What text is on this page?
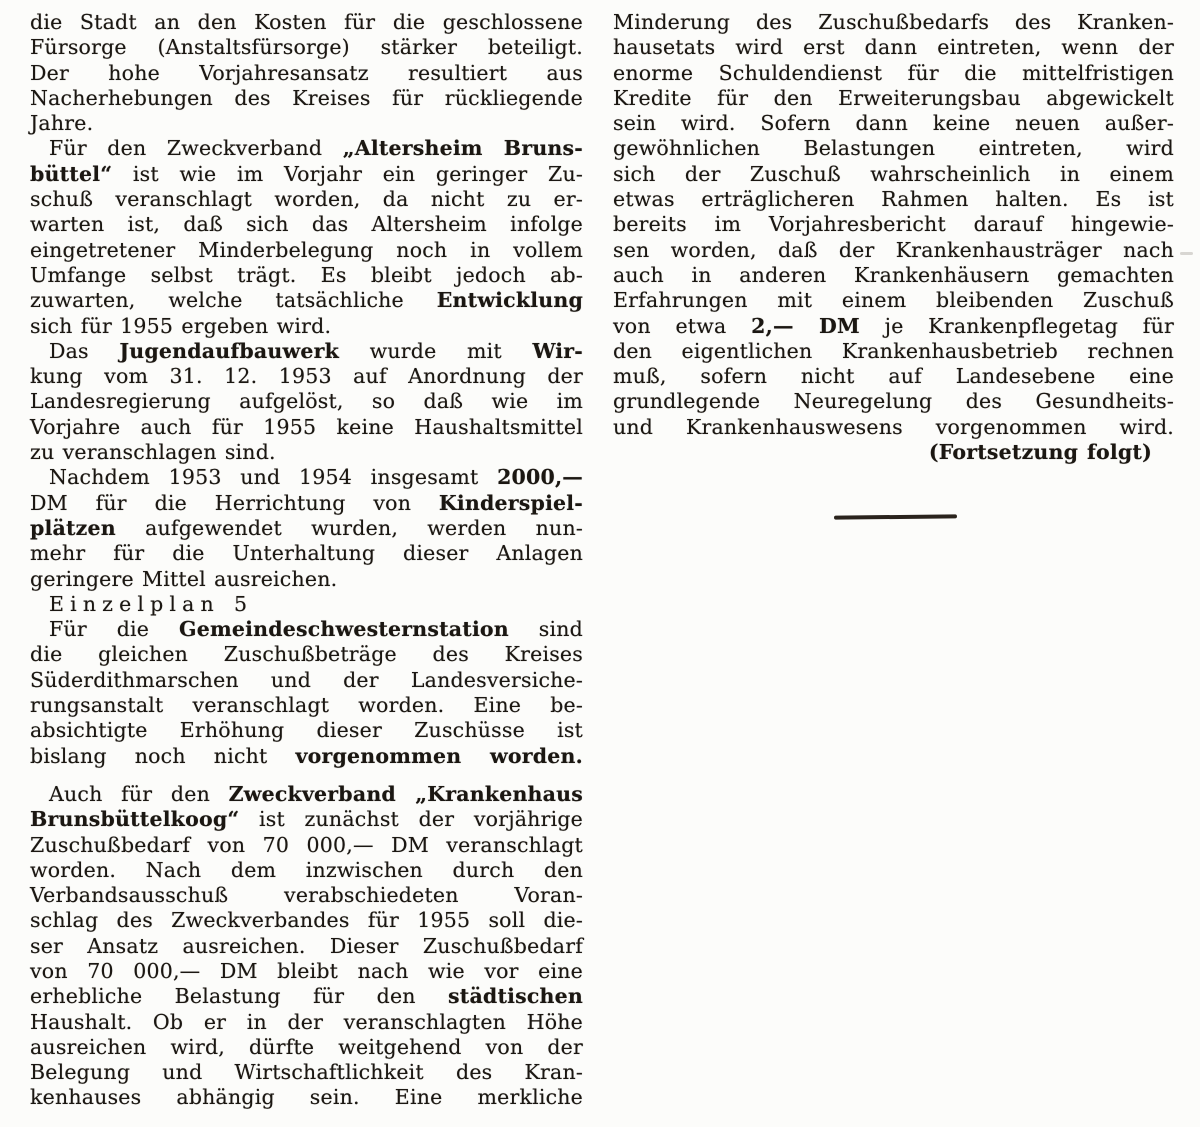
die Stadt an den Kosten für die geschlossene
Fürsorge (Anstaltsfürsorge) stärker beteiligt.
Der hohe Vorjahresansatz resultiert aus
Nacherhebungen des Kreises für rückliegende
Jahre.
Für den Zweckverband „Altersheim Bruns-
büttel“ ist wie im Vorjahr ein geringer Zu-
schuß veranschlagt worden, da nicht zu er-
warten ist, daß sich das Altersheim infolge
eingetretener Minderbelegung noch in vollem
Umfange selbst trägt. Es bleibt jedoch ab-
zuwarten, welche tatsächliche Entwicklung
sich für 1955 ergeben wird.
Das Jugendaufbauwerk wurde mit Wir-
kung vom 31. 12. 1953 auf Anordnung der
Landesregierung aufgelöst, so daß wie im
Vorjahre auch für 1955 keine Haushaltsmittel
zu veranschlagen sind.
Nachdem 1953 und 1954 insgesamt 2000,—
DM für die Herrichtung von Kinderspiel-
plätzen aufgewendet wurden, werden nun-
mehr für die Unterhaltung dieser Anlagen
geringere Mittel ausreichen.
Einzelplan 5
Für die Gemeindeschwesternstation sind
die gleichen Zuschußbeträge des Kreises
Süderdithmarschen und der Landesversiche-
rungsanstalt veranschlagt worden. Eine be-
absichtigte Erhöhung dieser Zuschüsse ist
bislang noch nicht vorgenommen worden.
Auch für den Zweckverband „Krankenhaus
Brunsbüttelkoog“ ist zunächst der vorjährige
Zuschußbedarf von 70 000,— DM veranschlagt
worden. Nach dem inzwischen durch den
Verbandsausschuß verabschiedeten Voran-
schlag des Zweckverbandes für 1955 soll die-
ser Ansatz ausreichen. Dieser Zuschußbedarf
von 70 000,— DM bleibt nach wie vor eine
erhebliche Belastung für den städtischen
Haushalt. Ob er in der veranschlagten Höhe
ausreichen wird, dürfte weitgehend von der
Belegung und Wirtschaftlichkeit des Kran-
kenhauses abhängig sein. Eine merkliche
Minderung des Zuschußbedarfs des Kranken-
hausetats wird erst dann eintreten, wenn der
enorme Schuldendienst für die mittelfristigen
Kredite für den Erweiterungsbau abgewickelt
sein wird. Sofern dann keine neuen außer-
gewöhnlichen Belastungen eintreten, wird
sich der Zuschuß wahrscheinlich in einem
etwas erträglicheren Rahmen halten. Es ist
bereits im Vorjahresbericht darauf hingewie-
sen worden, daß der Krankenhausträger nach
auch in anderen Krankenhäusern gemachten
Erfahrungen mit einem bleibenden Zuschuß
von etwa 2,— DM je Krankenpflegetag für
den eigentlichen Krankenhausbetrieb rechnen
muß, sofern nicht auf Landesebene eine
grundlegende Neuregelung des Gesundheits-
und Krankenhauswesens vorgenommen wird.
(Fortsetzung folgt)
